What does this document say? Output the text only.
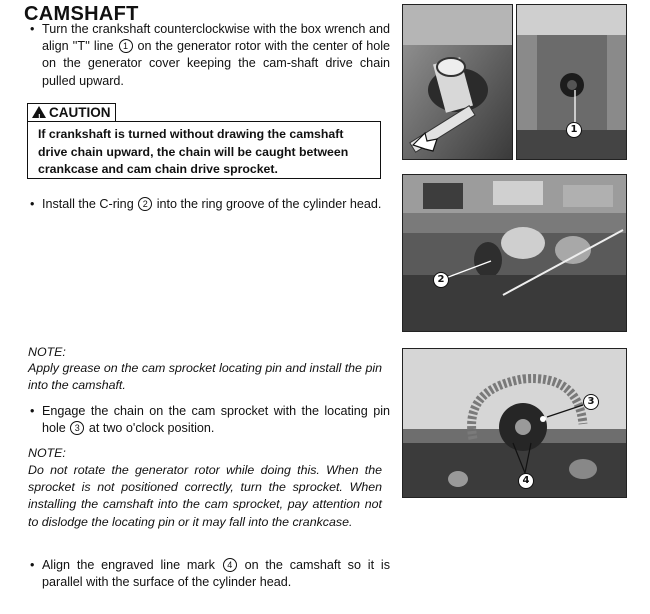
CAMSHAFT
• Turn the crankshaft counterclockwise with the box wrench and align ''T'' line 1 on the generator rotor with the center of hole on the generator cover keeping the cam-shaft drive chain pulled upward.
! CAUTION
If crankshaft is turned without drawing the camshaft drive chain upward, the chain will be caught between crankcase and cam chain drive sprocket.
• Install the C-ring 2 into the ring groove of the cylinder head.
NOTE:
Apply grease on the cam sprocket locating pin and install the pin into the camshaft.
• Engage the chain on the cam sprocket with the locating pin hole 3 at two o'clock position.
NOTE:
Do not rotate the generator rotor while doing this. When the sprocket is not positioned correctly, turn the sprocket. When installing the camshaft into the cam sprocket, pay attention not to dislodge the locating pin or it may fall into the crankcase.
• Align the engraved line mark 4 on the camshaft so it is parallel with the surface of the cylinder head.
1
2
3
4
